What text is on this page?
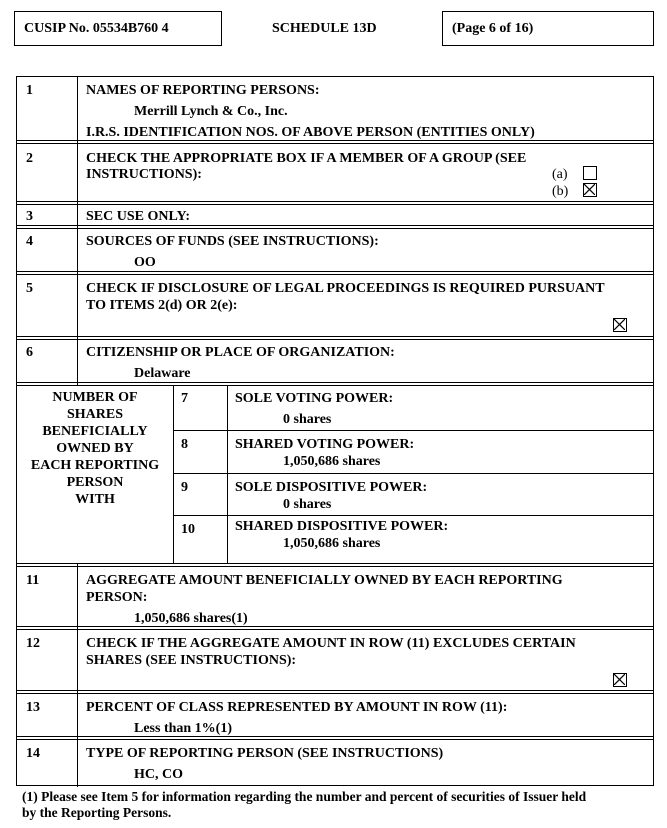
CUSIP No. 05534B760 4	SCHEDULE 13D	(Page 6 of 16)
1	NAMES OF REPORTING PERSONS:
Merrill Lynch & Co., Inc.
I.R.S. IDENTIFICATION NOS. OF ABOVE PERSON (ENTITIES ONLY)
2	CHECK THE APPROPRIATE BOX IF A MEMBER OF A GROUP (SEE
INSTRUCTIONS):	(a)
(b)
3	SEC USE ONLY:
4	SOURCES OF FUNDS (SEE INSTRUCTIONS):
OO
5	CHECK IF DISCLOSURE OF LEGAL PROCEEDINGS IS REQUIRED PURSUANT
TO ITEMS 2(d) OR 2(e):
6	CITIZENSHIP OR PLACE OF ORGANIZATION:
Delaware
NUMBER OF
SHARES
BENEFICIALLY
OWNED BY
EACH REPORTING
PERSON
WITH
7	SOLE VOTING POWER:
0 shares
8	SHARED VOTING POWER:
1,050,686 shares
9	SOLE DISPOSITIVE POWER:
0 shares
10	SHARED DISPOSITIVE POWER:
1,050,686 shares
11	AGGREGATE AMOUNT BENEFICIALLY OWNED BY EACH REPORTING
PERSON:
1,050,686 shares(1)
12	CHECK IF THE AGGREGATE AMOUNT IN ROW (11) EXCLUDES CERTAIN
SHARES (SEE INSTRUCTIONS):
13	PERCENT OF CLASS REPRESENTED BY AMOUNT IN ROW (11):
Less than 1%(1)
14	TYPE OF REPORTING PERSON (SEE INSTRUCTIONS)
HC, CO
(1) Please see Item 5 for information regarding the number and percent of securities of Issuer held
by the Reporting Persons.
